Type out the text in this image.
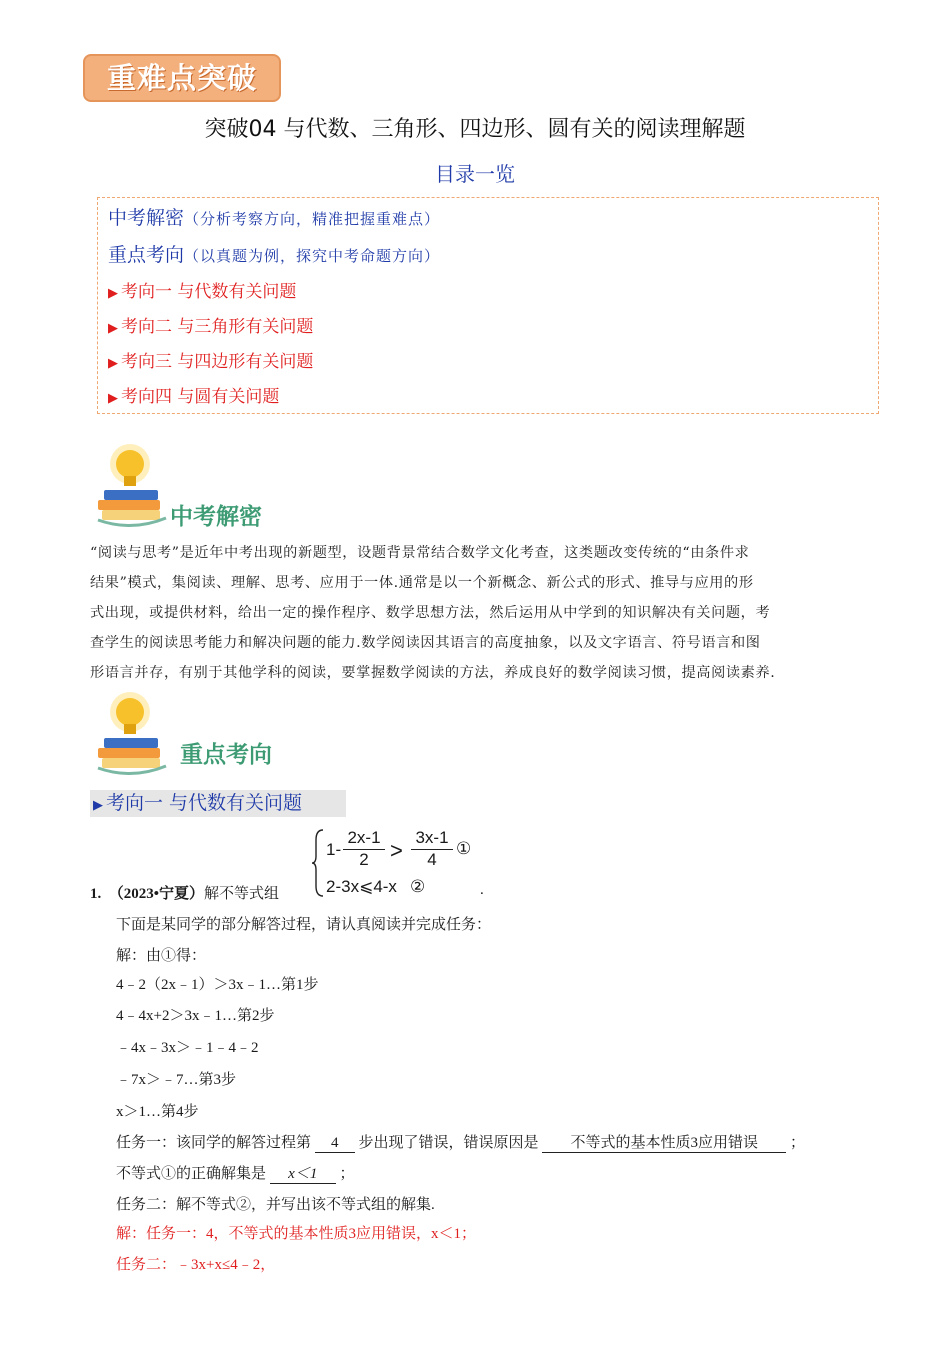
重难点突破
突破04 与代数、三角形、四边形、圆有关的阅读理解题
目录一览
中考解密（分析考察方向，精准把握重难点）
重点考向（以真题为例，探究中考命题方向）
▶ 考向一 与代数有关问题
▶ 考向二 与三角形有关问题
▶ 考向三 与四边形有关问题
▶ 考向四 与圆有关问题
中考解密

“阅读与思考”是近年中考出现的新题型，设题背景常结合数学文化考查，这类题改变传统的“由条件求

结果”模式，集阅读、理解、思考、应用于一体.通常是以一个新概念、新公式的形式、推导与应用的形

式出现，或提供材料，给出一定的操作程序、数学思想方法，然后运用从中学到的知识解决有关问题，考

查学生的阅读思考能力和解决问题的能力.数学阅读因其语言的高度抽象，以及文字语言、符号语言和图

形语言并存，有别于其他学科的阅读，要掌握数学阅读的方法，养成良好的数学阅读习惯，提高阅读素养.

重点考向
▶ 考向一 与代数有关问题
1. （2023•宁夏）解不等式组
1-
2x-1
2 >
3x-1
4
①
2-3x⩽4-x ②	.
下面是某同学的部分解答过程，请认真阅读并完成任务：
解：由①得：
4﹣2（2x﹣1）＞3x﹣1…第1步
4﹣4x+2＞3x﹣1…第2步
﹣4x﹣3x＞﹣1﹣4﹣2
﹣7x＞﹣7…第3步
x＞1…第4步
任务一：该同学的解答过程第 4 步出现了错误，错误原因是 不等式的基本性质3应用错误 ；
不等式①的正确解集是 x＜1 ；
任务二：解不等式②，并写出该不等式组的解集.
解：任务一：4，不等式的基本性质3应用错误，x＜1；
任务二：﹣3x+x≤4﹣2，
